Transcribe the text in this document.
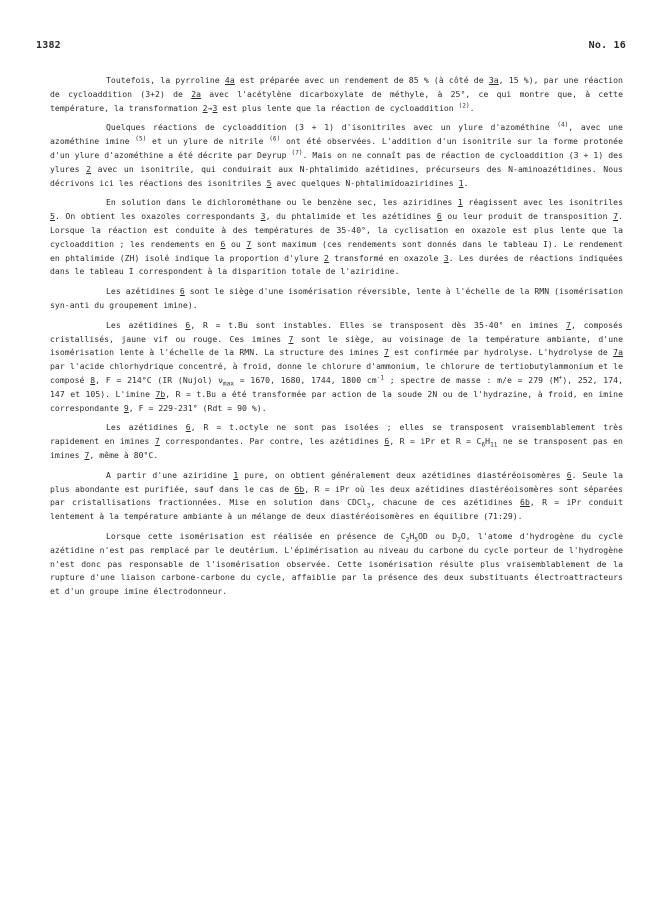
1382	No. 16

Toutefois, la pyrroline 4a est préparée avec un rendement de 85 % (à côté de 3a, 15 %), par une réaction de cycloaddition (3+2) de 2a avec l'acétylène dicarboxylate de méthyle, à 25°, ce qui montre que, à cette température, la transformation 2→3 est plus lente que la réaction de cycloaddition $^{(2)}$.

Quelques réactions de cycloaddition (3 + 1) d'isonitriles avec un ylure d'azométhine $^{(4)}$, avec une azométhine imine $^{(5)}$ et un ylure de nitrile $^{(6)}$ ont été observées. L'addition d'un isonitrile sur la forme protonée d'un ylure d'azométhine a été décrite par Deyrup $^{(7)}$. Mais on ne connaît pas de réaction de cycloaddition (3 + 1) des ylures 2 avec un isonitrile, qui conduirait aux N-phtalimido azétidines, précurseurs des N-aminoazétidines. Nous décrivons ici les réactions des isonitriles 5 avec quelques N-phtalimidoaziridines 1.

En solution dans le dichlorométhane ou le benzène sec, les aziridines 1 réagissent avec les isonitriles 5. On obtient les oxazoles correspondants 3, du phtalimide et les azétidines 6 ou leur produit de transposition 7. Lorsque la réaction est conduite à des températures de 35-40°, la cyclisation en oxazole est plus lente que la cycloaddition ; les rendements en 6 ou 7 sont maximum (ces rendements sont donnés dans le tableau I). Le rendement en phtalimide (ZH) isolé indique la proportion d'ylure 2 transformé en oxazole 3. Les durées de réactions indiquées dans le tableau I correspondent à la disparition totale de l'aziridine.

Les azétidines 6 sont le siège d'une isomérisation réversible, lente à l'échelle de la RMN (isomérisation syn-anti du groupement imine).

Les azétidines 6, R = t.Bu sont instables. Elles se transposent dès 35-40° en imines 7, composés cristallisés, jaune vif ou rouge. Ces imines 7 sont le siège, au voisinage de la température ambiante, d'une isomérisation lente à l'échelle de la RMN. La structure des imines 7 est confirmée par hydrolyse. L'hydrolyse de 7a par l'acide chlorhydrique concentré, à froid, donne le chlorure d'ammonium, le chlorure de tertiobutylammonium et le composé 8, F = 214°C (IR (Nujol) $\nu_{max} = 1670$, 1680, 1744, 1800 $cm^{-1}$ ; spectre de masse : m/e = 279 (M+), 252, 174, 147 et 105). L'imine 7b, R = t.Bu a été transformée par action de la soude 2N ou de l'hydrazine, à froid, en imine correspondante 9, F = 229-231° (Rdt = 90 %).

Les azétidines 6, R = t.octyle ne sont pas isolées ; elles se transposent vraisemblablement très rapidement en imines 7 correspondantes. Par contre, les azétidines 6, R = iPr et $R = C_6H_{11}$ ne se transposent pas en imines 7, même à 80°C.

A partir d'une aziridine 1 pure, on obtient généralement deux azétidines diastéréoisomères 6. Seule la plus abondante est purifiée, sauf dans le cas de 6b, R = iPr où les deux azétidines diastéréoisomères sont séparées par cristallisations fractionnées. Mise en solution dans CDCl$_3$, chacune de ces azétidines 6b, R = iPr conduit lentement à la température ambiante à un mélange de deux diastéréoisomères en équilibre (71:29).

Lorsque cette isomérisation est réalisée en présence de $C_2H_5OD$ ou $D_2O$, l'atome d'hydrogène du cycle azétidine n'est pas remplacé par le deutérium. L'épimérisation au niveau du carbone du cycle porteur de l'hydrogène n'est donc pas responsable de l'isomérisation observée. Cette isomérisation résulte plus vraisemblablement de la rupture d'une liaison carbone-carbone du cycle, affaiblie par la présence des deux substituants électroattracteurs et d'un groupe imine électrodonneur.
